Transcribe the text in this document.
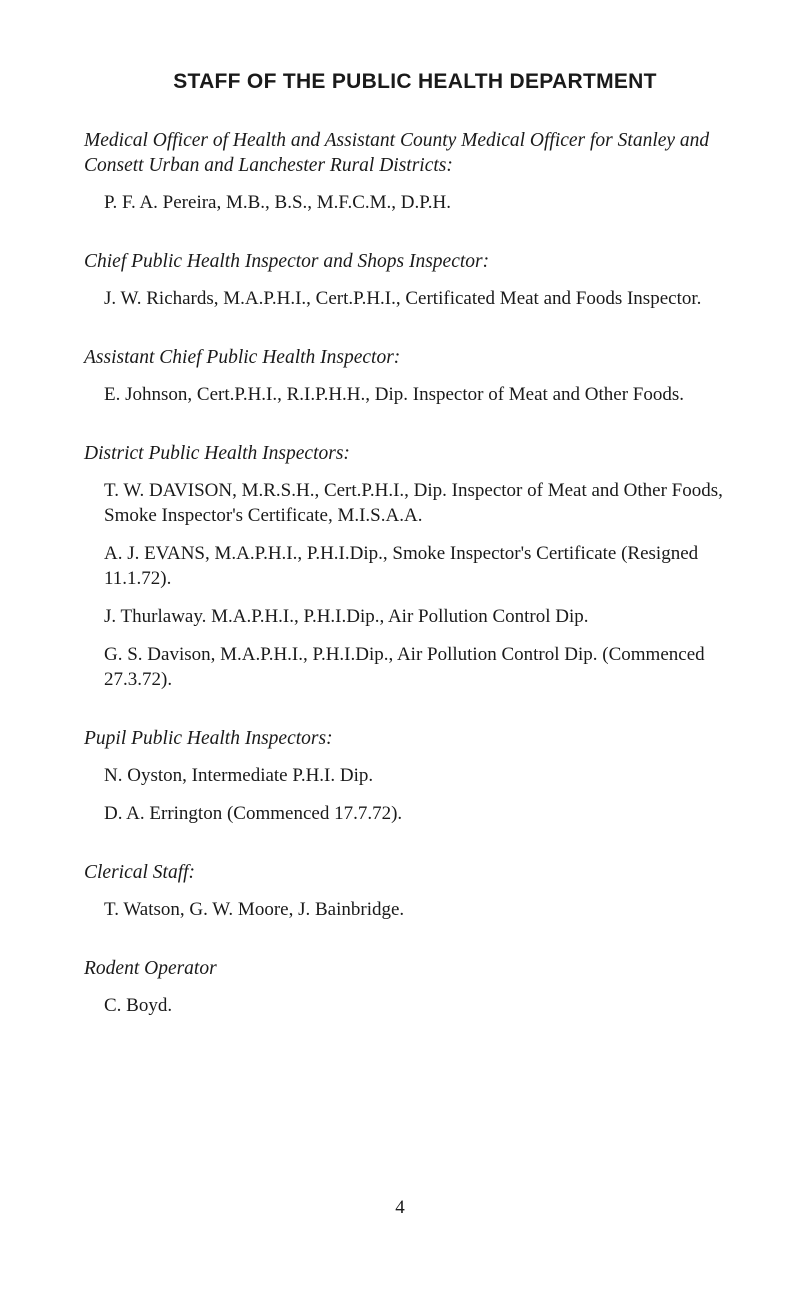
STAFF OF THE PUBLIC HEALTH DEPARTMENT
Medical Officer of Health and Assistant County Medical Officer for Stanley and Consett Urban and Lanchester Rural Districts:
P. F. A. Pereira, M.B., B.S., M.F.C.M., D.P.H.
Chief Public Health Inspector and Shops Inspector:
J. W. Richards, M.A.P.H.I., Cert.P.H.I., Certificated Meat and Foods Inspector.
Assistant Chief Public Health Inspector:
E. Johnson, Cert.P.H.I., R.I.P.H.H., Dip. Inspector of Meat and Other Foods.
District Public Health Inspectors:
T. W. DAVISON, M.R.S.H., Cert.P.H.I., Dip. Inspector of Meat and Other Foods, Smoke Inspector's Certificate, M.I.S.A.A.
A. J. EVANS, M.A.P.H.I., P.H.I.Dip., Smoke Inspector's Certificate (Resigned 11.1.72).
J. Thurlaway. M.A.P.H.I., P.H.I.Dip., Air Pollution Control Dip.
G. S. Davison, M.A.P.H.I., P.H.I.Dip., Air Pollution Control Dip. (Commenced 27.3.72).
Pupil Public Health Inspectors:
N. Oyston, Intermediate P.H.I. Dip.
D. A. Errington (Commenced 17.7.72).
Clerical Staff:
T. Watson, G. W. Moore, J. Bainbridge.
Rodent Operator
C. Boyd.
4
